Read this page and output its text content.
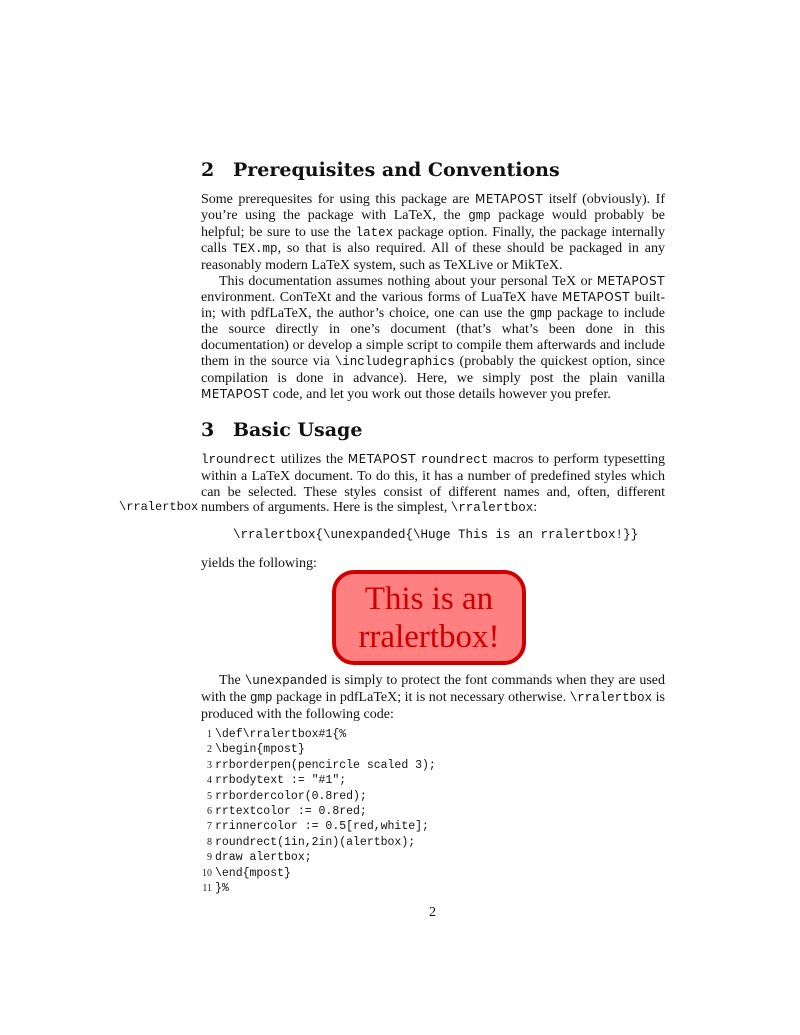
2 Prerequisites and Conventions

Some prerequesites for using this package are METAPOST itself (obviously). If you’re using the package with LaTeX, the gmp package would probably be helpful; be sure to use the latex package option. Finally, the package internally calls TEX.mp, so that is also required. All of these should be packaged in any reasonably modern LaTeX system, such as TeXLive or MikTeX.

This documentation assumes nothing about your personal TeX or METAPOST environment. ConTeXt and the various forms of LuaTeX have METAPOST built-in; with pdfLaTeX, the author’s choice, one can use the gmp package to include the source directly in one’s document (that’s what’s been done in this documentation) or develop a simple script to compile them afterwards and include them in the source via \includegraphics (probably the quickest option, since compilation is done in advance). Here, we simply post the plain vanilla METAPOST code, and let you work out those details however you prefer.

3 Basic Usage

lroundrect utilizes the METAPOST roundrect macros to perform typesetting within a LaTeX document. To do this, it has a number of predefined styles which can be selected. These styles consist of different names and, often, different numbers of arguments. Here is the simplest, \rralertbox:

\rralertbox
\rralertbox{\unexpanded{\Huge This is an rralertbox!}}
yields the following:
This is an rralertbox!

The \unexpanded is simply to protect the font commands when they are used with the gmp package in pdfLaTeX; it is not necessary otherwise. \rralertbox is produced with the following code:

1 \def\rralertbox#1{%
2 \begin{mpost}
3 rrborderpen(pencircle scaled 3);
4 rrbodytext := "#1";
5 rrbordercolor(0.8red);
6 rrtextcolor := 0.8red;
7 rrinnercolor := 0.5[red,white];
8 roundrect(1in,2in)(alertbox);
9 draw alertbox;
10 \end{mpost}
11 }%
2
